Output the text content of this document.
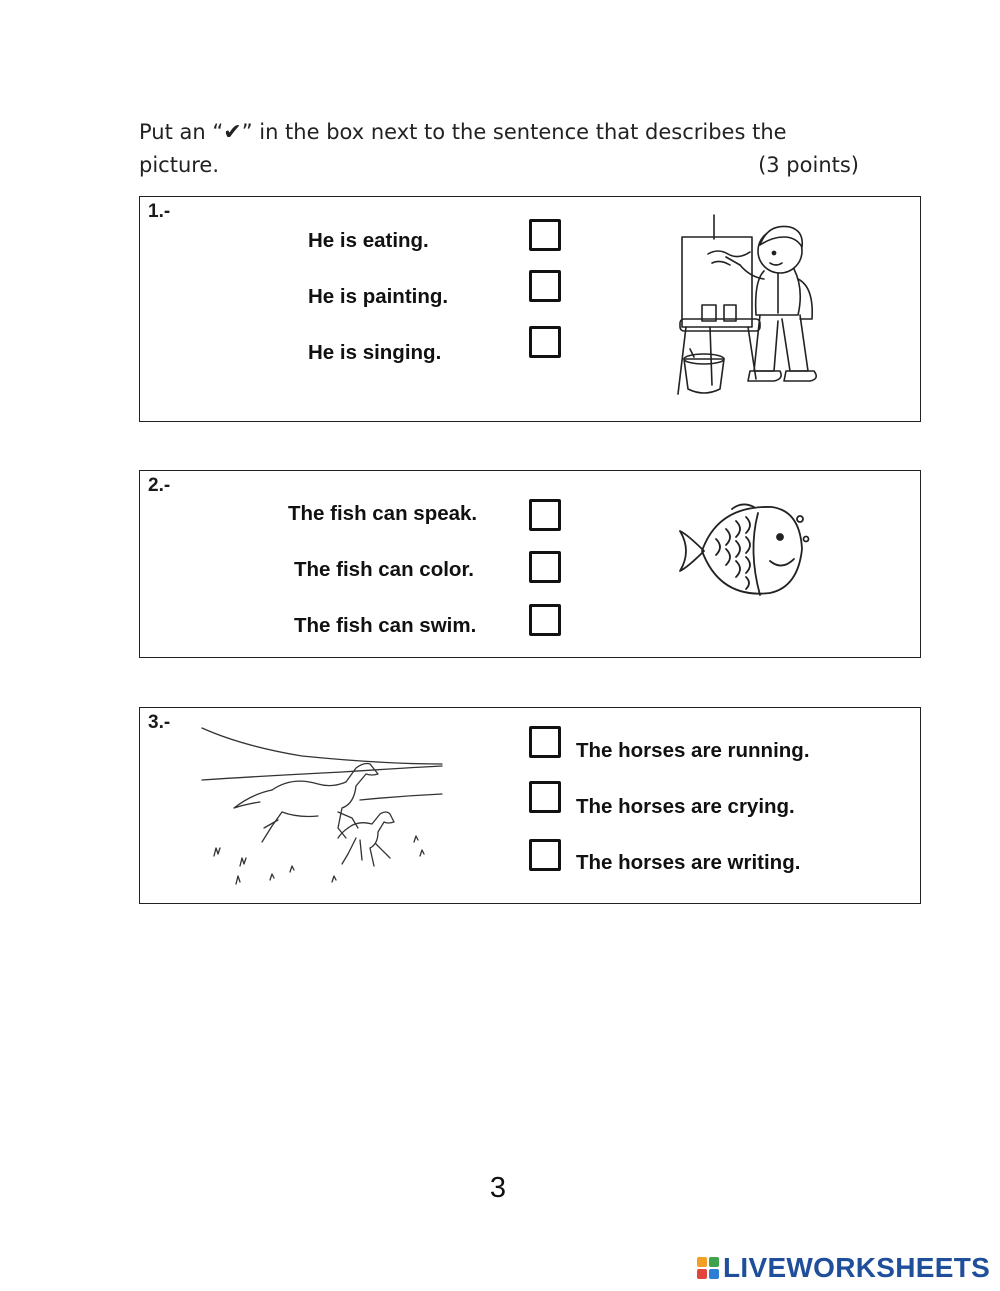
Put an “✔” in the box next to the sentence that describes the
picture.	(3 points)
1.-
He is eating.
He is painting.
He is singing.
2.-
The fish can speak.
The fish can color.
The fish can swim.
3.-
The horses are running.
The horses are crying.
The horses are writing.
3
LIVEWORKSHEETS
